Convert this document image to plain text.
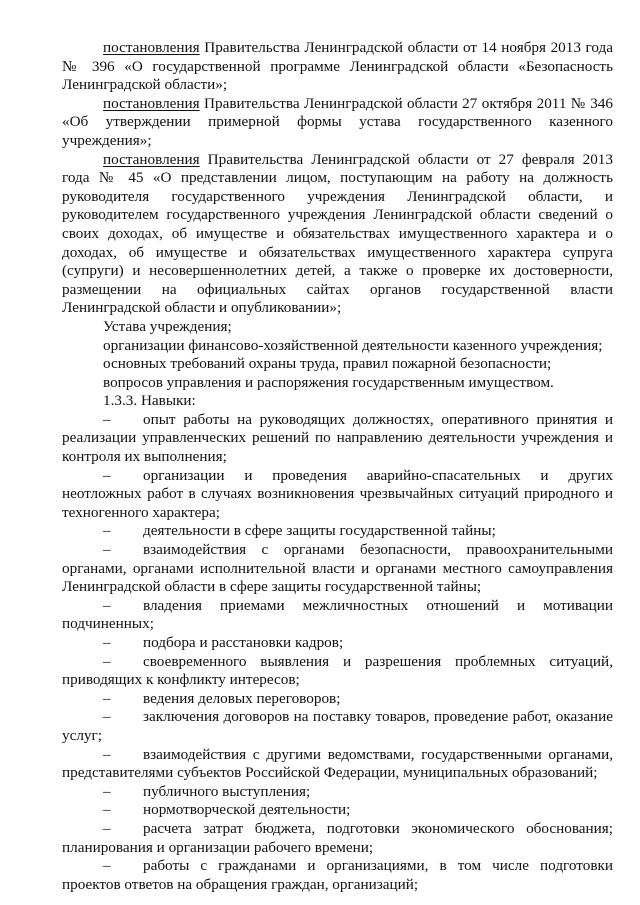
постановления Правительства Ленинградской области от 14 ноября 2013 года № 396 «О государственной программе Ленинградской области «Безопасность Ленинградской области»;

постановления Правительства Ленинградской области 27 октября 2011 № 346 «Об утверждении примерной формы устава государственного казенного учреждения»;

постановления Правительства Ленинградской области от 27 февраля 2013 года № 45 «О представлении лицом, поступающим на работу на должность руководителя государственного учреждения Ленинградской области, и руководителем государственного учреждения Ленинградской области сведений о своих доходах, об имуществе и обязательствах имущественного характера и о доходах, об имуществе и обязательствах имущественного характера супруга (супруги) и несовершеннолетних детей, а также о проверке их достоверности, размещении на официальных сайтах органов государственной власти Ленинградской области и опубликовании»;

Устава учреждения;

организации финансово-хозяйственной деятельности казенного учреждения;

основных требований охраны труда, правил пожарной безопасности;

вопросов управления и распоряжения государственным имуществом.

1.3.3. Навыки:

– опыт работы на руководящих должностях, оперативного принятия и реализации управленческих решений по направлению деятельности учреждения и контроля их выполнения;

– организации и проведения аварийно-спасательных и других неотложных работ в случаях возникновения чрезвычайных ситуаций природного и техногенного характера;

– деятельности в сфере защиты государственной тайны;

– взаимодействия с органами безопасности, правоохранительными органами, органами исполнительной власти и органами местного самоуправления Ленинградской области в сфере защиты государственной тайны;

– владения приемами межличностных отношений и мотивации подчиненных;

– подбора и расстановки кадров;

– своевременного выявления и разрешения проблемных ситуаций, приводящих к конфликту интересов;

– ведения деловых переговоров;

– заключения договоров на поставку товаров, проведение работ, оказание услуг;

– взаимодействия с другими ведомствами, государственными органами, представителями субъектов Российской Федерации, муниципальных образований;

– публичного выступления;

– нормотворческой деятельности;

– расчета затрат бюджета, подготовки экономического обоснования; планирования и организации рабочего времени;

– работы с гражданами и организациями, в том числе подготовки проектов ответов на обращения граждан, организаций;
